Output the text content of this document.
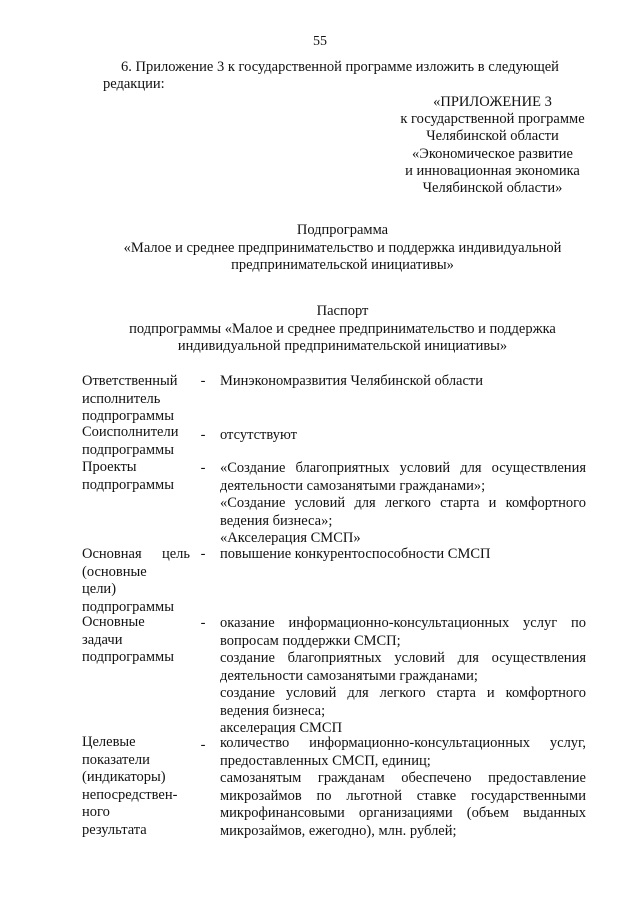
55
6. Приложение 3 к государственной программе изложить в следующей
редакции:
«ПРИЛОЖЕНИЕ 3
к государственной программе
Челябинской области
«Экономическое развитие
и инновационная экономика
Челябинской области»
Подпрограмма
«Малое и среднее предпринимательство и поддержка индивидуальной
предпринимательской инициативы»
Паспорт
подпрограммы «Малое и среднее предпринимательство и поддержка
индивидуальной предпринимательской инициативы»
Ответственный
исполнитель
подпрограммы
- Минэкономразвития Челябинской области
Соисполнители
подпрограммы
- отсутствуют
Проекты
подпрограммы
- «Создание благоприятных условий для осуществления
деятельности самозанятыми гражданами»;
«Создание условий для легкого старта и комфортного
ведения бизнеса»;
«Акселерация СМСП»
Основная цель
(основные
цели)
подпрограммы
- повышение конкурентоспособности СМСП
Основные
задачи
подпрограммы
- оказание информационно-консультационных услуг по
вопросам поддержки СМСП;
создание благоприятных условий для осуществления
деятельности самозанятыми гражданами;
создание условий для легкого старта и комфортного
ведения бизнеса;
акселерация СМСП
Целевые
показатели
(индикаторы)
непосредствен-
ного
результата
- количество информационно-консультационных услуг,
предоставленных СМСП, единиц;
самозанятым гражданам обеспечено предоставление
микрозаймов по льготной ставке государственными
микрофинансовыми организациями (объем выданных
микрозаймов, ежегодно), млн. рублей;
